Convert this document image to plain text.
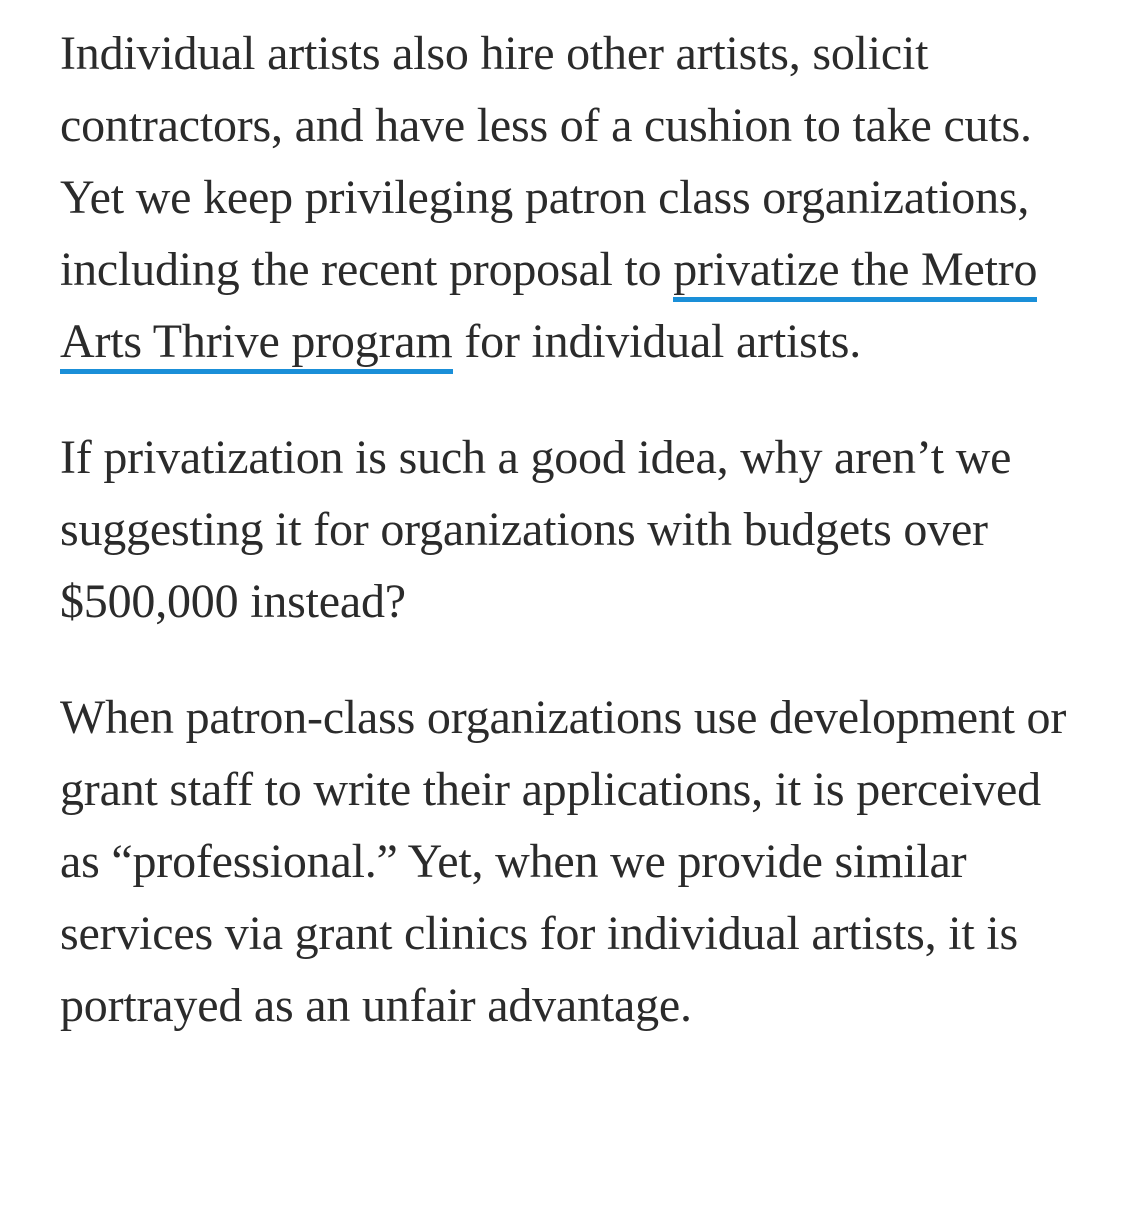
Individual artists also hire other artists, solicit contractors, and have less of a cushion to take cuts. Yet we keep privileging patron class organizations, including the recent proposal to privatize the Metro Arts Thrive program for individual artists.

If privatization is such a good idea, why aren’t we suggesting it for organizations with budgets over $500,000 instead?

When patron-class organizations use development or grant staff to write their applications, it is perceived as “professional.” Yet, when we provide similar services via grant clinics for individual artists, it is portrayed as an unfair advantage.
